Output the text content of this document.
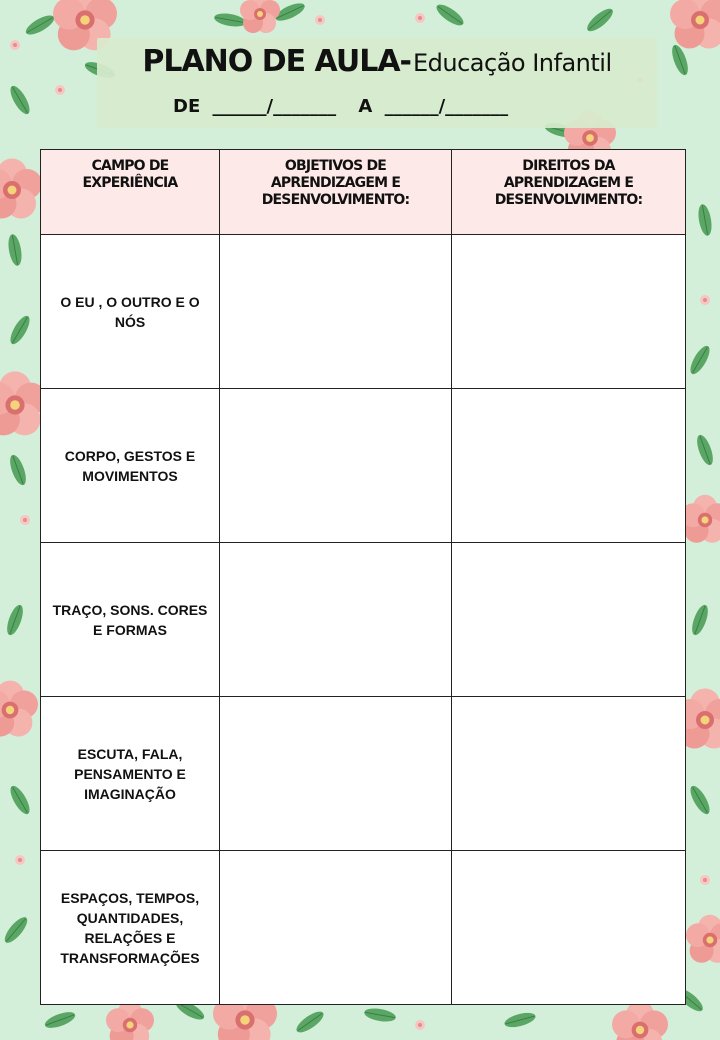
PLANO DE AULA-Educação Infantil
DE ______/_______ A ______/_______
CAMPO DE EXPERIÊNCIA	OBJETIVOS DE APRENDIZAGEM E DESENVOLVIMENTO:	DIREITOS DA APRENDIZAGEM E DESENVOLVIMENTO:

O EU , O OUTRO E O NÓS		
CORPO, GESTOS E MOVIMENTOS		
TRAÇO, SONS. CORES E FORMAS		
ESCUTA, FALA, PENSAMENTO E IMAGINAÇÃO		
ESPAÇOS, TEMPOS, QUANTIDADES, RELAÇÕES E TRANSFORMAÇÕES		
